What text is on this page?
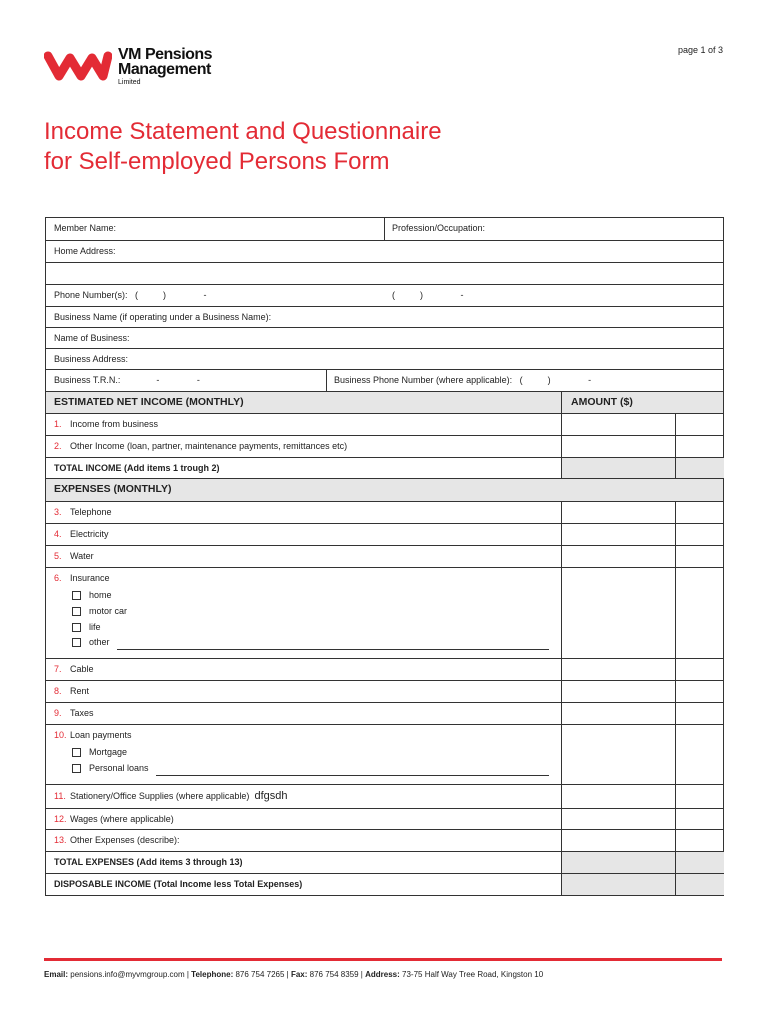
page 1 of 3
VM Pensions
Management
Limited
Income Statement and Questionnaire
for Self-employed Persons Form
Member Name:	Profession/Occupation:
Home Address:
Phone Number(s): (          )               -	(          )               -
Business Name (if operating under a Business Name):
Name of Business:
Business Address:
Business T.R.N.:	-               -	Business Phone Number (where applicable): (          )               -
ESTIMATED NET INCOME (MONTHLY)	AMOUNT ($)
1. Income from business
2. Other Income (loan, partner, maintenance payments, remittances etc)
TOTAL INCOME (Add items 1 trough 2)
EXPENSES (MONTHLY)
3. Telephone
4. Electricity
5. Water
6. Insurance
home
motor car
life
other
7. Cable
8. Rent
9. Taxes
10. Loan payments
Mortgage
Personal loans
11. Stationery/Office Supplies (where applicable) dfgsdh
12. Wages (where applicable)
13. Other Expenses (describe):
TOTAL EXPENSES (Add items 3 through 13)
DISPOSABLE INCOME (Total Income less Total Expenses)
Email: pensions.info@myvmgroup.com | Telephone: 876 754 7265 | Fax: 876 754 8359 | Address: 73-75 Half Way Tree Road, Kingston 10
